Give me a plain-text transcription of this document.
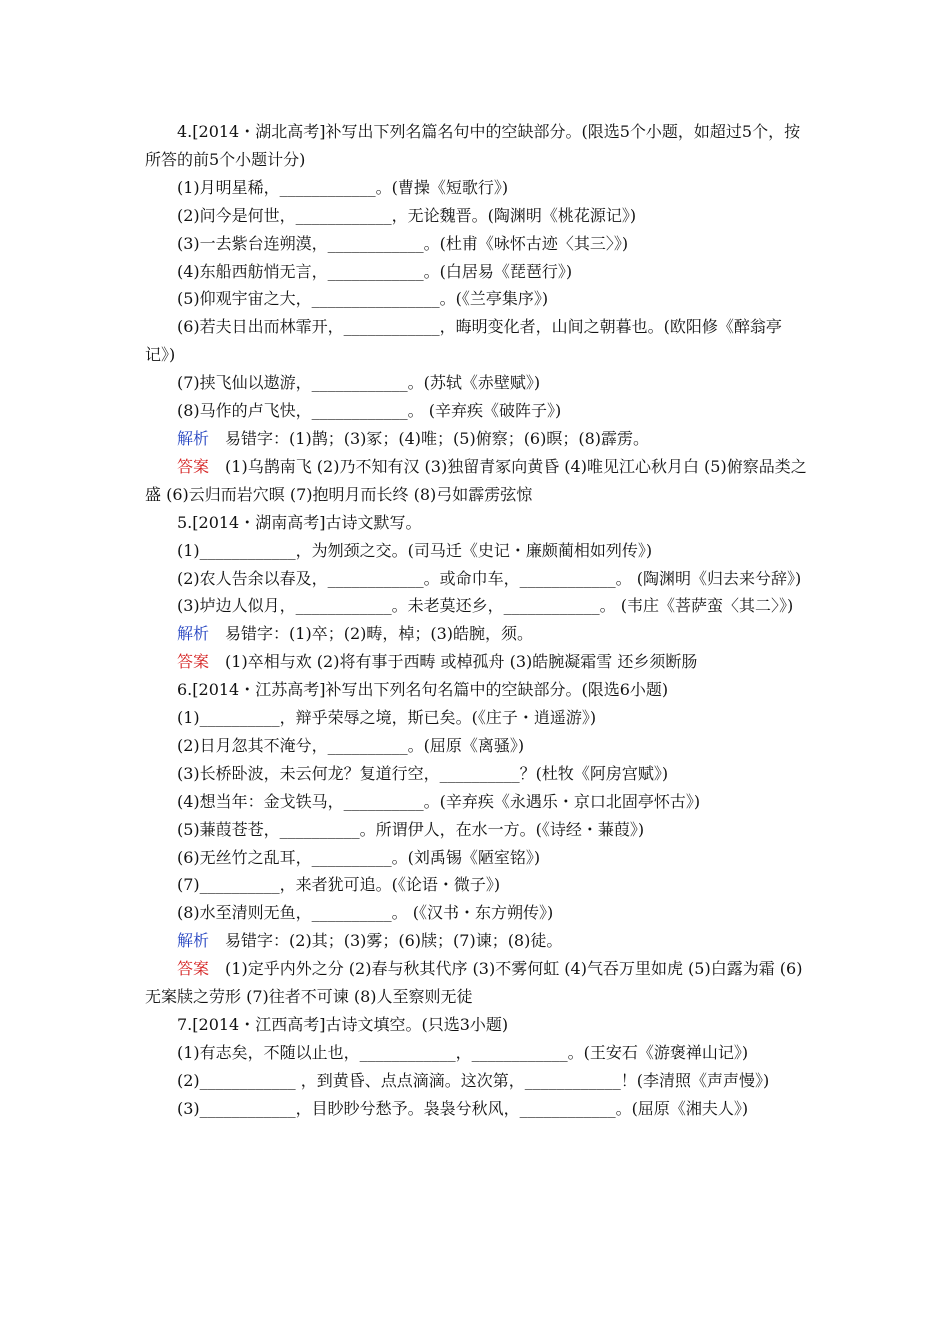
4.[2014・湖北高考]补写出下列名篇名句中的空缺部分。(限选5个小题，如超过5个，按所答的前5个小题计分)

(1)月明星稀，____________。(曹操《短歌行》)

(2)问今是何世，____________，无论魏晋。(陶渊明《桃花源记》)

(3)一去紫台连朔漠，____________。(杜甫《咏怀古迹〈其三〉》)

(4)东船西舫悄无言，____________。(白居易《琵琶行》)

(5)仰观宇宙之大，________________。(《兰亭集序》)

(6)若夫日出而林霏开，____________，晦明变化者，山间之朝暮也。(欧阳修《醉翁亭记》)

(7)挟飞仙以遨游，____________。(苏轼《赤壁赋》)

(8)马作的卢飞快，____________。 (辛弃疾《破阵子》)

解析　 易错字：(1)鹊；(3)冢；(4)唯；(5)俯察；(6)暝；(8)霹雳。

答案　 (1)乌鹊南飞 (2)乃不知有汉 (3)独留青冢向黄昏 (4)唯见江心秋月白 (5)俯察品类之盛 (6)云归而岩穴暝 (7)抱明月而长终 (8)弓如霹雳弦惊

5.[2014・湖南高考]古诗文默写。

(1)____________，为刎颈之交。(司马迁《史记・廉颇蔺相如列传》)

(2)农人告余以春及，____________。或命巾车，____________。 (陶渊明《归去来兮辞》)

(3)垆边人似月，____________。未老莫还乡，____________。 (韦庄《菩萨蛮〈其二〉》)

解析　 易错字：(1)卒；(2)畴，棹；(3)皓腕，须。

答案　 (1)卒相与欢 (2)将有事于西畴 或棹孤舟 (3)皓腕凝霜雪 还乡须断肠

6.[2014・江苏高考]补写出下列名句名篇中的空缺部分。(限选6小题)

(1)__________，辩乎荣辱之境，斯已矣。(《庄子・逍遥游》)

(2)日月忽其不淹兮，__________。(屈原《离骚》)

(3)长桥卧波，未云何龙？复道行空，__________？(杜牧《阿房宫赋》)

(4)想当年：金戈铁马，__________。(辛弃疾《永遇乐・京口北固亭怀古》)

(5)蒹葭苍苍，__________。所谓伊人，在水一方。(《诗经・蒹葭》)

(6)无丝竹之乱耳，__________。(刘禹锡《陋室铭》)

(7)__________，来者犹可追。(《论语・微子》)

(8)水至清则无鱼，__________。 (《汉书・东方朔传》)

解析　 易错字：(2)其；(3)雾；(6)牍；(7)谏；(8)徒。

答案　 (1)定乎内外之分 (2)春与秋其代序 (3)不雾何虹 (4)气吞万里如虎 (5)白露为霜 (6)无案牍之劳形 (7)往者不可谏 (8)人至察则无徒

7.[2014・江西高考]古诗文填空。(只选3小题)

(1)有志矣，不随以止也，____________，____________。(王安石《游褒禅山记》)

(2)____________ ，到黄昏、点点滴滴。这次第，____________！(李清照《声声慢》)

(3)____________，目眇眇兮愁予。袅袅兮秋风，____________。(屈原《湘夫人》)
